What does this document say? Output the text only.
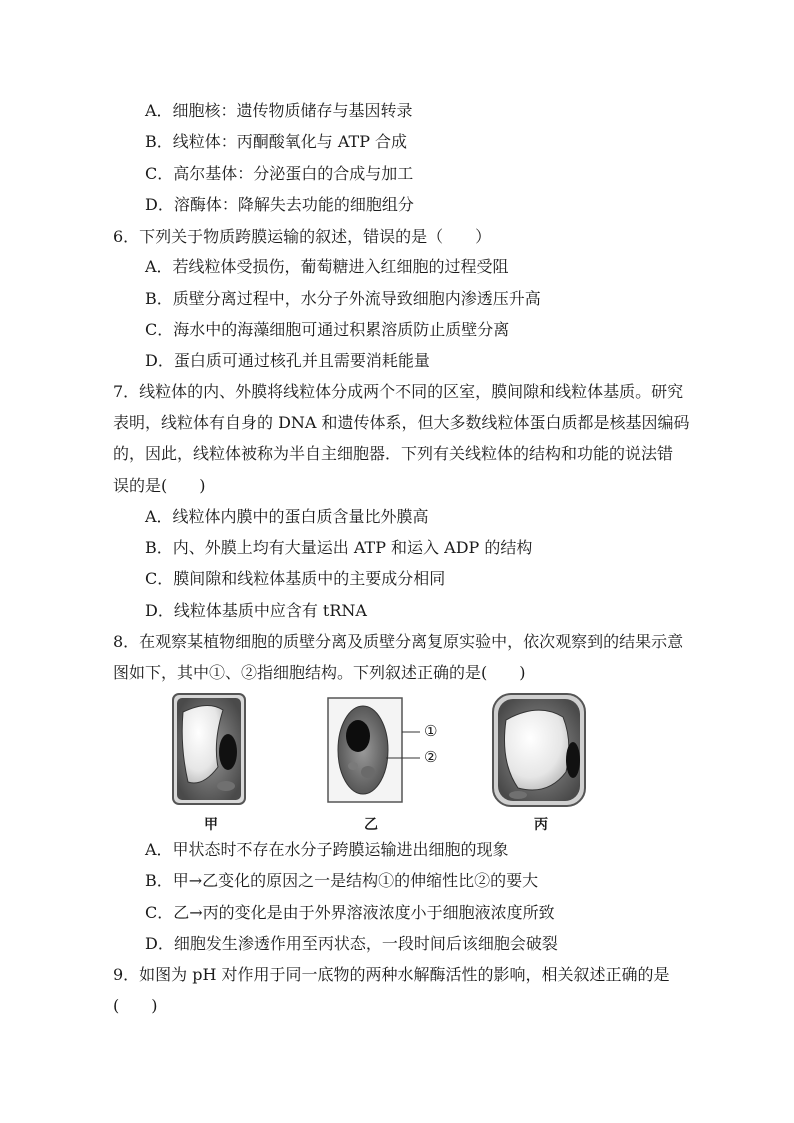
A．细胞核：遗传物质储存与基因转录
B．线粒体：丙酮酸氧化与 ATP 合成
C．高尔基体：分泌蛋白的合成与加工
D．溶酶体：降解失去功能的细胞组分
6．下列关于物质跨膜运输的叙述，错误的是（　　）
A．若线粒体受损伤，葡萄糖进入红细胞的过程受阻
B．质壁分离过程中，水分子外流导致细胞内渗透压升高
C．海水中的海藻细胞可通过积累溶质防止质壁分离
D．蛋白质可通过核孔并且需要消耗能量
7．线粒体的内、外膜将线粒体分成两个不同的区室，膜间隙和线粒体基质。研究
表明，线粒体有自身的 DNA 和遗传体系，但大多数线粒体蛋白质都是核基因编码
的，因此，线粒体被称为半自主细胞器．下列有关线粒体的结构和功能的说法错
误的是(　　)
A．线粒体内膜中的蛋白质含量比外膜高
B．内、外膜上均有大量运出 ATP 和运入 ADP 的结构
C．膜间隙和线粒体基质中的主要成分相同
D．线粒体基质中应含有 tRNA
8．在观察某植物细胞的质壁分离及质壁分离复原实验中，依次观察到的结果示意
图如下，其中①、②指细胞结构。下列叙述正确的是(　　)
①
②
甲	乙	丙
A．甲状态时不存在水分子跨膜运输进出细胞的现象
B．甲→乙变化的原因之一是结构①的伸缩性比②的要大
C．乙→丙的变化是由于外界溶液浓度小于细胞液浓度所致
D．细胞发生渗透作用至丙状态，一段时间后该细胞会破裂
9．如图为 pH 对作用于同一底物的两种水解酶活性的影响，相关叙述正确的是
(　　)
